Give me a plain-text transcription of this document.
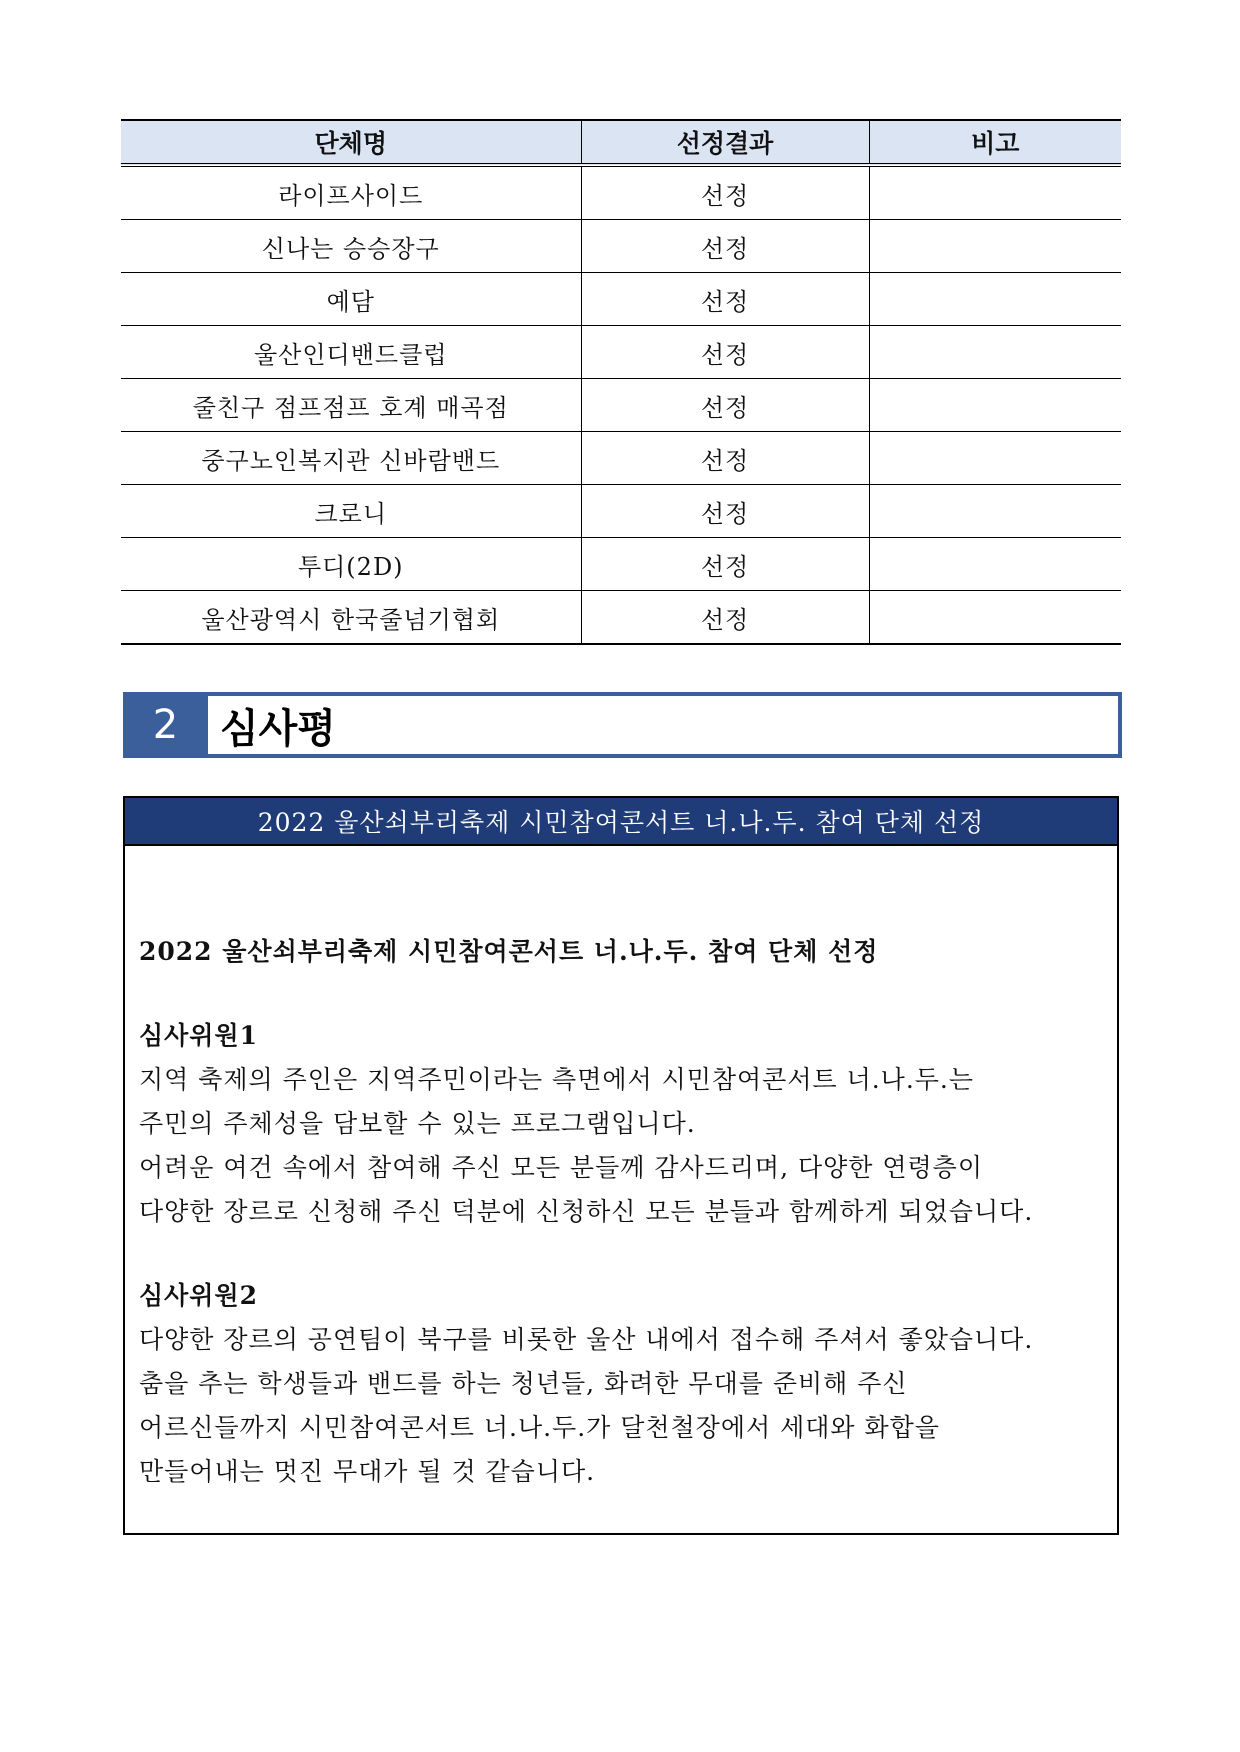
단체명	선정결과	비고
라이프사이드	선정	
신나는 승승장구	선정	
예담	선정	
울산인디밴드클럽	선정	
줄친구 점프점프 호계 매곡점	선정	
중구노인복지관 신바람밴드	선정	
크로니	선정	
투디(2D)	선정	
울산광역시 한국줄넘기협회	선정	
2	심사평
2022 울산쇠부리축제 시민참여콘서트 너.나.두. 참여 단체 선정
2022 울산쇠부리축제 시민참여콘서트 너.나.두. 참여 단체 선정
심사위원1
지역 축제의 주인은 지역주민이라는 측면에서 시민참여콘서트 너.나.두.는
주민의 주체성을 담보할 수 있는 프로그램입니다.
어려운 여건 속에서 참여해 주신 모든 분들께 감사드리며, 다양한 연령층이
다양한 장르로 신청해 주신 덕분에 신청하신 모든 분들과 함께하게 되었습니다.
심사위원2
다양한 장르의 공연팀이 북구를 비롯한 울산 내에서 접수해 주셔서 좋았습니다.
춤을 추는 학생들과 밴드를 하는 청년들, 화려한 무대를 준비해 주신
어르신들까지 시민참여콘서트 너.나.두.가 달천철장에서 세대와 화합을
만들어내는 멋진 무대가 될 것 같습니다.
